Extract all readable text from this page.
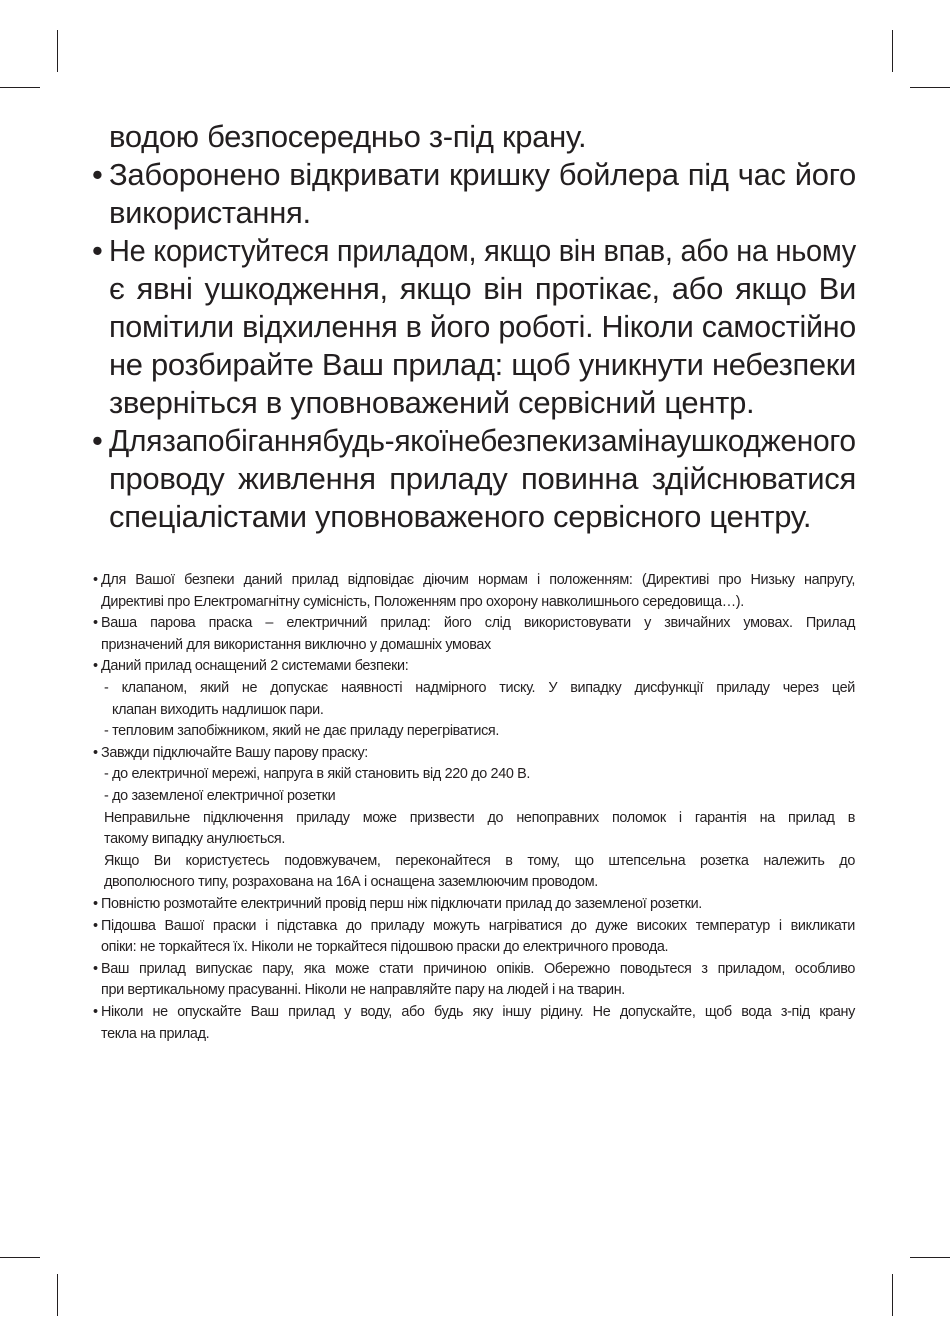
водою безпосередньо з-під крану.
• Заборонено відкривати кришку бойлера під час його
використання.
• Не користуйтеся приладом, якщо він впав, або на ньому
є явні ушкодження, якщо він протікає, або якщо Ви
помітили відхилення в його роботі. Ніколи самостійно
не розбирайте Ваш прилад: щоб уникнути небезпеки
зверніться в уповноважений сервісний центр.
• Длязапобіганнябудь-якоїнебезпекизамінаушкодженого
проводу живлення приладу повинна здійснюватися
спеціалістами уповноваженого сервісного центру.
• Для Вашої безпеки даний прилад відповідає діючим нормам і положенням: (Директиві про Низьку напругу,
Директиві про Електромагнітну сумісність, Положенням про охорону навколишнього середовища…).
• Ваша парова праска – електричний прилад: його слід використовувати у звичайних умовах. Прилад
призначений для використання виключно у домашніх умовах
• Даний прилад оснащений 2 системами безпеки:
- клапаном, який не допускає наявності надмірного тиску. У випадку дисфункції приладу через цей
клапан виходить надлишок пари.
- тепловим запобіжником, який не дає приладу перегріватися.
• Завжди підключайте Вашу парову праску:
- до електричної мережі, напруга в якій становить від 220 до 240 В.
- до заземленої електричної розетки
Неправильне підключення приладу може призвести до непоправних поломок і гарантія на прилад в
такому випадку анулюється.
Якщо Ви користуєтесь подовжувачем, переконайтеся в тому, що штепсельна розетка належить до
двополюсного типу, розрахована на 16А і оснащена заземлюючим проводом.
• Повністю розмотайте електричний провід перш ніж підключати прилад до заземленої розетки.
• Підошва Вашої праски і підставка до приладу можуть нагріватися до дуже високих температур і викликати
опіки: не торкайтеся їх. Ніколи не торкайтеся підошвою праски до електричного провода.
• Ваш прилад випускає пару, яка може стати причиною опіків. Обережно поводьтеся з приладом, особливо
при вертикальному прасуванні. Ніколи не направляйте пару на людей і на тварин.
• Ніколи не опускайте Ваш прилад у воду, або будь яку іншу рідину. Не допускайте, щоб вода з-під крану
текла на прилад.
